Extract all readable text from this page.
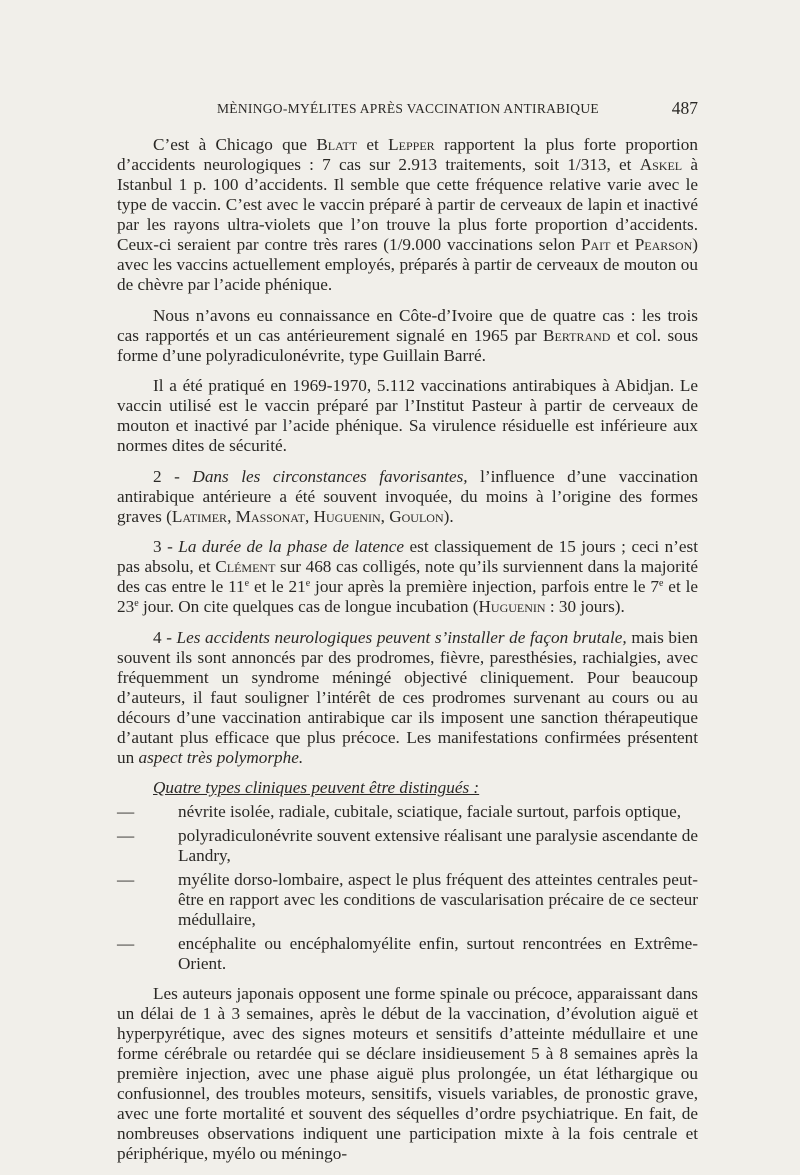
MÈNINGO-MYÉLITES APRÈS VACCINATION ANTIRABIQUE	487

C’est à Chicago que Blatt et Lepper rapportent la plus forte proportion d’accidents neurologiques : 7 cas sur 2.913 traitements, soit 1/313, et Askel à Istanbul 1 p. 100 d’accidents. Il semble que cette fréquence relative varie avec le type de vaccin. C’est avec le vaccin préparé à partir de cerveaux de lapin et inactivé par les rayons ultra-violets que l’on trouve la plus forte proportion d’accidents. Ceux-ci seraient par contre très rares (1/9.000 vaccinations selon Pait et Pearson) avec les vaccins actuellement employés, préparés à partir de cerveaux de mouton ou de chèvre par l’acide phénique.

Nous n’avons eu connaissance en Côte-d’Ivoire que de quatre cas : les trois cas rapportés et un cas antérieurement signalé en 1965 par Bertrand et col. sous forme d’une polyradiculonévrite, type Guillain Barré.

Il a été pratiqué en 1969-1970, 5.112 vaccinations antirabiques à Abidjan. Le vaccin utilisé est le vaccin préparé par l’Institut Pasteur à partir de cerveaux de mouton et inactivé par l’acide phénique. Sa virulence résiduelle est inférieure aux normes dites de sécurité.

2 - Dans les circonstances favorisantes, l’influence d’une vaccination antirabique antérieure a été souvent invoquée, du moins à l’origine des formes graves (Latimer, Massonat, Huguenin, Goulon).

3 - La durée de la phase de latence est classiquement de 15 jours ; ceci n’est pas absolu, et Clément sur 468 cas colligés, note qu’ils surviennent dans la majorité des cas entre le 11e et le 21e jour après la première injection, parfois entre le 7e et le 23e jour. On cite quelques cas de longue incubation (Huguenin : 30 jours).

4 - Les accidents neurologiques peuvent s’installer de façon brutale, mais bien souvent ils sont annoncés par des prodromes, fièvre, paresthésies, rachialgies, avec fréquemment un syndrome méningé objectivé cliniquement. Pour beaucoup d’auteurs, il faut souligner l’intérêt de ces prodromes survenant au cours ou au décours d’une vaccination antirabique car ils imposent une sanction thérapeutique d’autant plus efficace que plus précoce. Les manifestations confirmées présentent un aspect très polymorphe.

Quatre types cliniques peuvent être distingués :

—	névrite isolée, radiale, cubitale, sciatique, faciale surtout, parfois optique,
—	polyradiculonévrite souvent extensive réalisant une paralysie ascendante de Landry,
—	myélite dorso-lombaire, aspect le plus fréquent des atteintes centrales peut-être en rapport avec les conditions de vascularisation précaire de ce secteur médullaire,
—	encéphalite ou encéphalomyélite enfin, surtout rencontrées en Extrême-Orient.

Les auteurs japonais opposent une forme spinale ou précoce, apparaissant dans un délai de 1 à 3 semaines, après le début de la vaccination, d’évolution aiguë et hyperpyrétique, avec des signes moteurs et sensitifs d’atteinte médullaire et une forme cérébrale ou retardée qui se déclare insidieusement 5 à 8 semaines après la première injection, avec une phase aiguë plus prolongée, un état léthargique ou confusionnel, des troubles moteurs, sensitifs, visuels variables, de pronostic grave, avec une forte mortalité et souvent des séquelles d’ordre psychiatrique. En fait, de nombreuses observations indiquent une participation mixte à la fois centrale et périphérique, myélo ou méningo-
